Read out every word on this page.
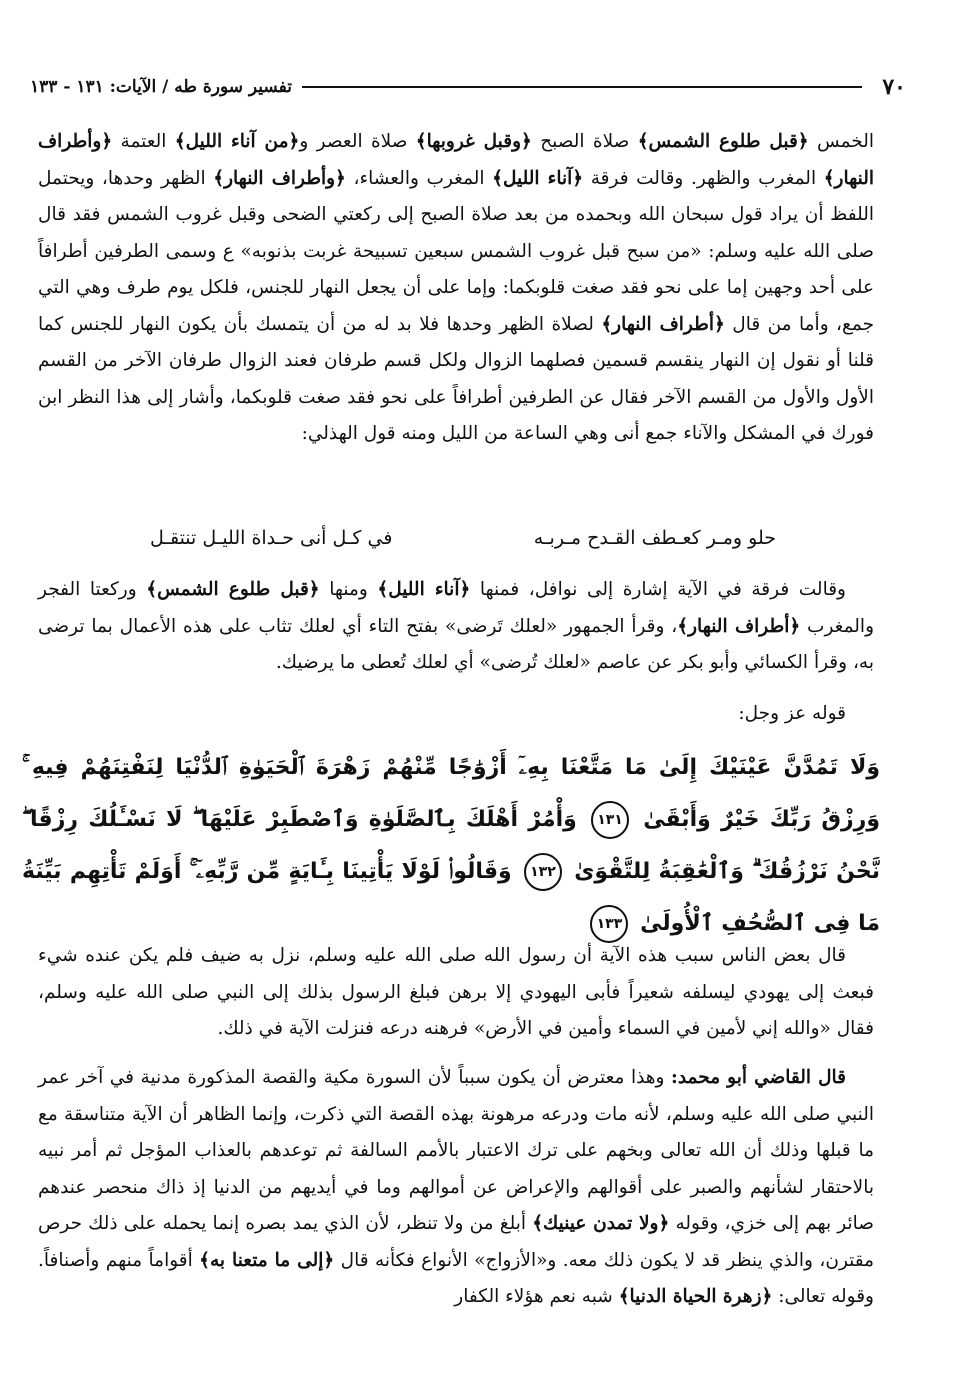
٧٠
تفسير سورة طه / الآيات: ١٣١ - ١٣٣

الخمس ﴿قبل طلوع الشمس﴾ صلاة الصبح ﴿وقبل غروبها﴾ صلاة العصر و﴿من آناء الليل﴾ العتمة ﴿وأطراف النهار﴾ المغرب والظهر. وقالت فرقة ﴿آناء الليل﴾ المغرب والعشاء، ﴿وأطراف النهار﴾ الظهر وحدها، ويحتمل اللفظ أن يراد قول سبحان الله وبحمده من بعد صلاة الصبح إلى ركعتي الضحى وقبل غروب الشمس فقد قال صلى الله عليه وسلم: «من سبح قبل غروب الشمس سبعين تسبيحة غربت بذنوبه» ع وسمى الطرفين أطرافاً على أحد وجهين إما على نحو فقد صغت قلوبكما: وإما على أن يجعل النهار للجنس، فلكل يوم طرف وهي التي جمع، وأما من قال ﴿أطراف النهار﴾ لصلاة الظهر وحدها فلا بد له من أن يتمسك بأن يكون النهار للجنس كما قلنا أو نقول إن النهار ينقسم قسمين فصلهما الزوال ولكل قسم طرفان فعند الزوال طرفان الآخر من القسم الأول والأول من القسم الآخر فقال عن الطرفين أطرافاً على نحو فقد صغت قلوبكما، وأشار إلى هذا النظر ابن فورك في المشكل والآناء جمع أنى وهي الساعة من الليل ومنه قول الهذلي:

حلو ومـر كعـطف القـدح مـربـه
في كـل أنى حـداة الليـل تنتقـل

وقالت فرقة في الآية إشارة إلى نوافل، فمنها ﴿آناء الليل﴾ ومنها ﴿قبل طلوع الشمس﴾ وركعتا الفجر والمغرب ﴿أطراف النهار﴾، وقرأ الجمهور «لعلك تَرضى» بفتح التاء أي لعلك تثاب على هذه الأعمال بما ترضى به، وقرأ الكسائي وأبو بكر عن عاصم «لعلك تُرضى» أي لعلك تُعطى ما يرضيك.

قوله عز وجل:

وَلَا تَمُدَّنَّ عَيْنَيْكَ إِلَىٰ مَا مَتَّعْنَا بِهِۦٓ أَزْوَٰجًا مِّنْهُمْ زَهْرَةَ ٱلْحَيَوٰةِ ٱلدُّنْيَا لِنَفْتِنَهُمْ فِيهِ ۚ وَرِزْقُ رَبِّكَ خَيْرٌ وَأَبْقَىٰ ١٣١ وَأْمُرْ أَهْلَكَ بِٱلصَّلَوٰةِ وَٱصْطَبِرْ عَلَيْهَا ۖ لَا نَسْـَٔلُكَ رِزْقًا ۖ نَّحْنُ نَرْزُقُكَ ۗ وَٱلْعَٰقِبَةُ لِلتَّقْوَىٰ ١٣٢ وَقَالُوا۟ لَوْلَا يَأْتِينَا بِـَٔايَةٍ مِّن رَّبِّهِۦٓ ۚ أَوَلَمْ تَأْتِهِم بَيِّنَةُ مَا فِى ٱلصُّحُفِ ٱلْأُولَىٰ ١٣٣

قال بعض الناس سبب هذه الآية أن رسول الله صلى الله عليه وسلم، نزل به ضيف فلم يكن عنده شيء فبعث إلى يهودي ليسلفه شعيراً فأبى اليهودي إلا برهن فبلغ الرسول بذلك إلى النبي صلى الله عليه وسلم، فقال «والله إني لأمين في السماء وأمين في الأرض» فرهنه درعه فنزلت الآية في ذلك.

قال القاضي أبو محمد: وهذا معترض أن يكون سبباً لأن السورة مكية والقصة المذكورة مدنية في آخر عمر النبي صلى الله عليه وسلم، لأنه مات ودرعه مرهونة بهذه القصة التي ذكرت، وإنما الظاهر أن الآية متناسقة مع ما قبلها وذلك أن الله تعالى وبخهم على ترك الاعتبار بالأمم السالفة ثم توعدهم بالعذاب المؤجل ثم أمر نبيه بالاحتقار لشأنهم والصبر على أقوالهم والإعراض عن أموالهم وما في أيديهم من الدنيا إذ ذاك منحصر عندهم صائر بهم إلى خزي، وقوله ﴿ولا تمدن عينيك﴾ أبلغ من ولا تنظر، لأن الذي يمد بصره إنما يحمله على ذلك حرص مقترن، والذي ينظر قد لا يكون ذلك معه. و«الأزواج» الأنواع فكأنه قال ﴿إلى ما متعنا به﴾ أقواماً منهم وأصنافاً. وقوله تعالى: ﴿زهرة الحياة الدنيا﴾ شبه نعم هؤلاء الكفار
